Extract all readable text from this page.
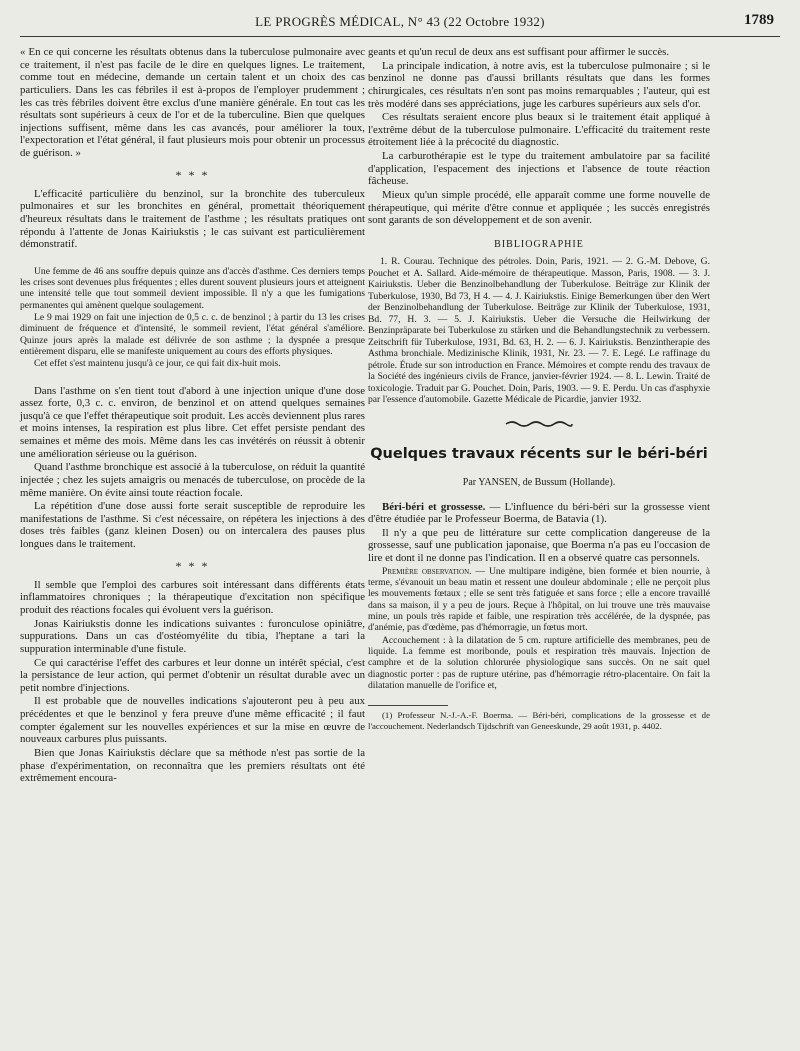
LE PROGRÈS MÉDICAL, N° 43 (22 Octobre 1932)	1789

« En ce qui concerne les résultats obtenus dans la tuberculose pulmonaire avec ce traitement, il n'est pas facile de le dire en quelques lignes. Le traitement, comme tout en médecine, demande un certain talent et un choix des cas particuliers. Dans les cas fébriles il est à-propos de l'employer prudemment ; les cas très fébriles doivent être exclus d'une manière générale. En tout cas les résultats sont supérieurs à ceux de l'or et de la tuberculine. Bien que quelques injections suffisent, même dans les cas avancés, pour améliorer la toux, l'expectoration et l'état général, il faut plusieurs mois pour obtenir un processus de guérison. »

* * *

L'efficacité particulière du benzinol, sur la bronchite des tuberculeux pulmonaires et sur les bronchites en général, promettait théoriquement d'heureux résultats dans le traitement de l'asthme ; les résultats pratiques ont répondu à l'attente de Jonas Kairiukstis ; le cas suivant est particulièrement démonstratif.

Une femme de 46 ans souffre depuis quinze ans d'accès d'asthme. Ces derniers temps les crises sont devenues plus fréquentes ; elles durent souvent plusieurs jours et atteignent une intensité telle que tout sommeil devient impossible. Il n'y a que les fumigations permanentes qui amènent quelque soulagement.

Le 9 mai 1929 on fait une injection de 0,5 c. c. de benzinol ; à partir du 13 les crises diminuent de fréquence et d'intensité, le sommeil revient, l'état général s'améliore. Quinze jours après la malade est délivrée de son asthme ; la dyspnée a presque entièrement disparu, elle se manifeste uniquement au cours des efforts physiques.

Cet effet s'est maintenu jusqu'à ce jour, ce qui fait dix-huit mois.

Dans l'asthme on s'en tient tout d'abord à une injection unique d'une dose assez forte, 0,3 c. c. environ, de benzinol et on attend quelques semaines jusqu'à ce que l'effet thérapeutique soit produit. Les accès deviennent plus rares et moins intenses, la respiration est plus libre. Cet effet persiste pendant des semaines et même des mois. Même dans les cas invétérés on réussit à obtenir une amélioration sérieuse ou la guérison.

Quand l'asthme bronchique est associé à la tuberculose, on réduit la quantité injectée ; chez les sujets amaigris ou menacés de tuberculose, on procède de la même manière. On évite ainsi toute réaction focale.

La répétition d'une dose aussi forte serait susceptible de reproduire les manifestations de l'asthme. Si c'est nécessaire, on répétera les injections à des doses très faibles (ganz kleinen Dosen) ou on intercalera des pauses plus longues dans le traitement.

* * *

Il semble que l'emploi des carbures soit intéressant dans différents états inflammatoires chroniques ; la thérapeutique d'excitation non spécifique produit des réactions focales qui évoluent vers la guérison.

Jonas Kairiukstis donne les indications suivantes : furonculose opiniâtre, suppurations. Dans un cas d'ostéomyélite du tibia, l'heptane a tari la suppuration interminable d'une fistule.

Ce qui caractérise l'effet des carbures et leur donne un intérêt spécial, c'est la persistance de leur action, qui permet d'obtenir un résultat durable avec un petit nombre d'injections.

Il est probable que de nouvelles indications s'ajouteront peu à peu aux précédentes et que le benzinol y fera preuve d'une même efficacité ; il faut compter également sur les nouvelles expériences et sur la mise en œuvre de nouveaux carbures plus puissants.

Bien que Jonas Kairiukstis déclare que sa méthode n'est pas sortie de la phase d'expérimentation, on reconnaîtra que les premiers résultats ont été extrêmement encoura-

geants et qu'un recul de deux ans est suffisant pour affirmer le succès.

La principale indication, à notre avis, est la tuberculose pulmonaire ; si le benzinol ne donne pas d'aussi brillants résultats que dans les formes chirurgicales, ces résultats n'en sont pas moins remarquables ; l'auteur, qui est très modéré dans ses appréciations, juge les carbures supérieurs aux sels d'or.

Ces résultats seraient encore plus beaux si le traitement était appliqué à l'extrême début de la tuberculose pulmonaire. L'efficacité du traitement reste étroitement liée à la précocité du diagnostic.

La carburothérapie est le type du traitement ambulatoire par sa facilité d'application, l'espacement des injections et l'absence de toute réaction fâcheuse.

Mieux qu'un simple procédé, elle apparaît comme une forme nouvelle de thérapeutique, qui mérite d'être connue et appliquée ; les succès enregistrés sont garants de son développement et de son avenir.

BIBLIOGRAPHIE

1. R. Courau. Technique des pétroles. Doin, Paris, 1921. — 2. G.-M. Debove, G. Pouchet et A. Sallard. Aide-mémoire de thérapeutique. Masson, Paris, 1908. — 3. J. Kairiukstis. Ueber die Benzinolbehandlung der Tuberkulose. Beiträge zur Klinik der Tuberkulose, 1930, Bd 73, H 4. — 4. J. Kairiukstis. Einige Bemerkungen über den Wert der Benzinolbehandlung der Tuberkulose. Beiträge zur Klinik der Tuberkulose, 1931, Bd. 77, H. 3. — 5. J. Kairiukstis. Ueber die Versuche die Heilwirkung der Benzinpräparate bei Tuberkulose zu stärken und die Behandlungstechnik zu verbessern. Zeitschrift für Tuberkulose, 1931, Bd. 63, H. 2. — 6. J. Kairiukstis. Benzintherapie des Asthma bronchiale. Medizinische Klinik, 1931, Nr. 23. — 7. E. Legé. Le raffinage du pétrole. Étude sur son introduction en France. Mémoires et compte rendu des travaux de la Société des ingénieurs civils de France, janvier-février 1924. — 8. L. Lewin. Traité de toxicologie. Traduit par G. Pouchet. Doin, Paris, 1903. — 9. E. Perdu. Un cas d'asphyxie par l'essence d'automobile. Gazette Médicale de Picardie, janvier 1932.

Quelques travaux récents sur le béri-béri
Par YANSEN, de Bussum (Hollande).

Béri-béri et grossesse. — L'influence du béri-béri sur la grossesse vient d'être étudiée par le Professeur Boerma, de Batavia (1).

Il n'y a que peu de littérature sur cette complication dangereuse de la grossesse, sauf une publication japonaise, que Boerma n'a pas eu l'occasion de lire et dont il ne donne pas l'indication. Il en a observé quatre cas personnels.

Première observation. — Une multipare indigène, bien formée et bien nourrie, à terme, s'évanouit un beau matin et ressent une douleur abdominale ; elle ne perçoit plus les mouvements fœtaux ; elle se sent très fatiguée et sans force ; elle a encore travaillé dans sa maison, il y a peu de jours. Reçue à l'hôpital, on lui trouve une très mauvaise mine, un pouls très rapide et faible, une respiration très accélérée, de la dyspnée, pas d'anémie, pas d'œdème, pas d'hémorragie, un fœtus mort.

Accouchement : à la dilatation de 5 cm. rupture artificielle des membranes, peu de liquide. La femme est moribonde, pouls et respiration très mauvais. Injection de camphre et de la solution chlorurée physiologique sans succès. On ne sait quel diagnostic porter : pas de rupture utérine, pas d'hémorragie rétro-placentaire. On fait la dilatation manuelle de l'orifice et,

(1) Professeur N.-J.-A.-F. Boerma. — Béri-béri, complications de la grossesse et de l'accouchement. Nederlandsch Tijdschrift van Geneeskunde, 29 août 1931, p. 4402.
